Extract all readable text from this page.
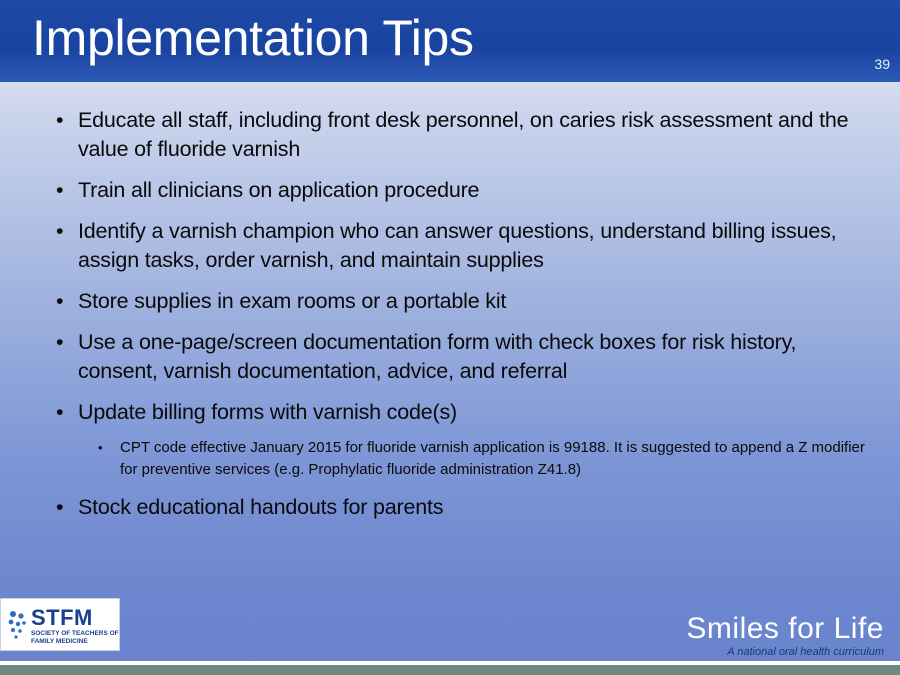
Implementation Tips	39
• Educate all staff, including front desk personnel, on caries risk assessment and the value of fluoride varnish
• Train all clinicians on application procedure
• Identify a varnish champion who can answer questions, understand billing issues, assign tasks, order varnish, and maintain supplies
• Store supplies in exam rooms or a portable kit
• Use a one-page/screen documentation form with check boxes for risk history, consent, varnish documentation, advice, and referral
• Update billing forms with varnish code(s)
• CPT code effective January 2015 for fluoride varnish application is 99188. It is suggested to append a Z modifier for preventive services (e.g. Prophylatic fluoride administration Z41.8)
• Stock educational handouts for parents
STFM
SOCIETY OF TEACHERS OF
FAMILY MEDICINE	Smiles for Life
A national oral health curriculum
